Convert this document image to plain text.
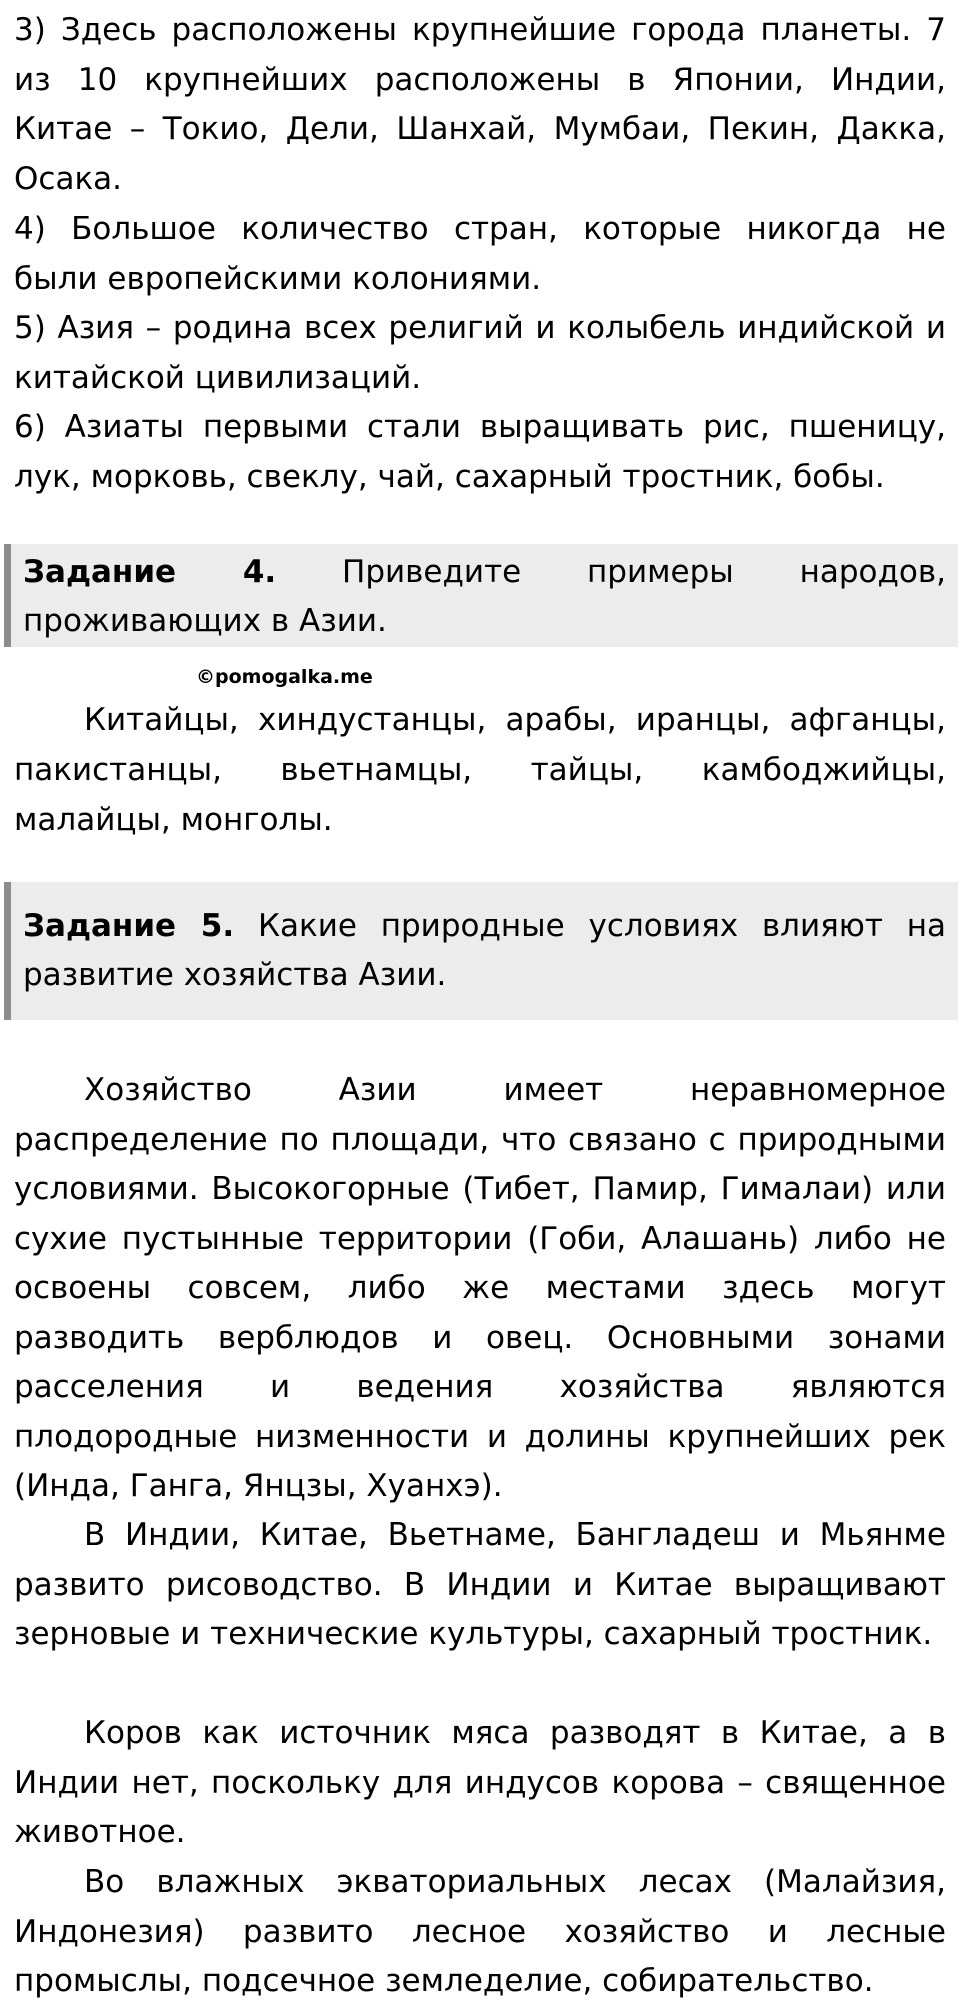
3) Здесь расположены крупнейшие города планеты. 7 из 10 крупнейших расположены в Японии, Индии, Китае – Токио, Дели, Шанхай, Мумбаи, Пекин, Дакка, Осака.

4) Большое количество стран, которые никогда не были европейскими колониями.

5) Азия – родина всех религий и колыбель индийской и китайской цивилизаций.

6) Азиаты первыми стали выращивать рис, пшеницу, лук, морковь, свеклу, чай, сахарный тростник, бобы.

Задание 4. Приведите примеры народов, проживающих в Азии.

©pomogalka.me

Китайцы, хиндустанцы, арабы, иранцы, афганцы, пакистанцы, вьетнамцы, тайцы, камбоджийцы, малайцы, монголы.

Задание 5. Какие природные условиях влияют на развитие хозяйства Азии.

Хозяйство Азии имеет неравномерное распределение по площади, что связано с природными условиями. Высокогорные (Тибет, Памир, Гималаи) или сухие пустынные территории (Гоби, Алашань) либо не освоены совсем, либо же местами здесь могут разводить верблюдов и овец. Основными зонами расселения и ведения хозяйства являются плодородные низменности и долины крупнейших рек (Инда, Ганга, Янцзы, Хуанхэ).

В Индии, Китае, Вьетнаме, Бангладеш и Мьянме развито рисоводство. В Индии и Китае выращивают зерновые и технические культуры, сахарный тростник.

Коров как источник мяса разводят в Китае, а в Индии нет, поскольку для индусов корова – священное животное.

Во влажных экваториальных лесах (Малайзия, Индонезия) развито лесное хозяйство и лесные промыслы, подсечное земледелие, собирательство.
